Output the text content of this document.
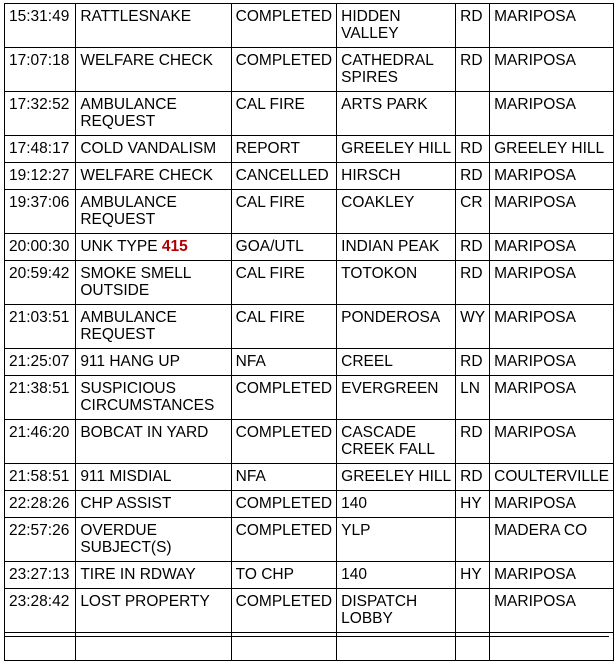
15:31:49	RATTLESNAKE	COMPLETED	HIDDEN
VALLEY	RD	MARIPOSA
17:07:18	WELFARE CHECK	COMPLETED	CATHEDRAL
SPIRES	RD	MARIPOSA
17:32:52	AMBULANCE
REQUEST	CAL FIRE	ARTS PARK		MARIPOSA
17:48:17	COLD VANDALISM	REPORT	GREELEY HILL	RD	GREELEY HILL
19:12:27	WELFARE CHECK	CANCELLED	HIRSCH	RD	MARIPOSA
19:37:06	AMBULANCE
REQUEST	CAL FIRE	COAKLEY	CR	MARIPOSA
20:00:30	UNK TYPE 415	GOA/UTL	INDIAN PEAK	RD	MARIPOSA
20:59:42	SMOKE SMELL
OUTSIDE	CAL FIRE	TOTOKON	RD	MARIPOSA
21:03:51	AMBULANCE
REQUEST	CAL FIRE	PONDEROSA	WY	MARIPOSA
21:25:07	911 HANG UP	NFA	CREEL	RD	MARIPOSA
21:38:51	SUSPICIOUS
CIRCUMSTANCES	COMPLETED	EVERGREEN	LN	MARIPOSA
21:46:20	BOBCAT IN YARD	COMPLETED	CASCADE
CREEK FALL	RD	MARIPOSA
21:58:51	911 MISDIAL	NFA	GREELEY HILL	RD	COULTERVILLE
22:28:26	CHP ASSIST	COMPLETED	140	HY	MARIPOSA
22:57:26	OVERDUE
SUBJECT(S)	COMPLETED	YLP		MADERA CO
23:27:13	TIRE IN RDWAY	TO CHP	140	HY	MARIPOSA
23:28:42	LOST PROPERTY	COMPLETED	DISPATCH
LOBBY		MARIPOSA
